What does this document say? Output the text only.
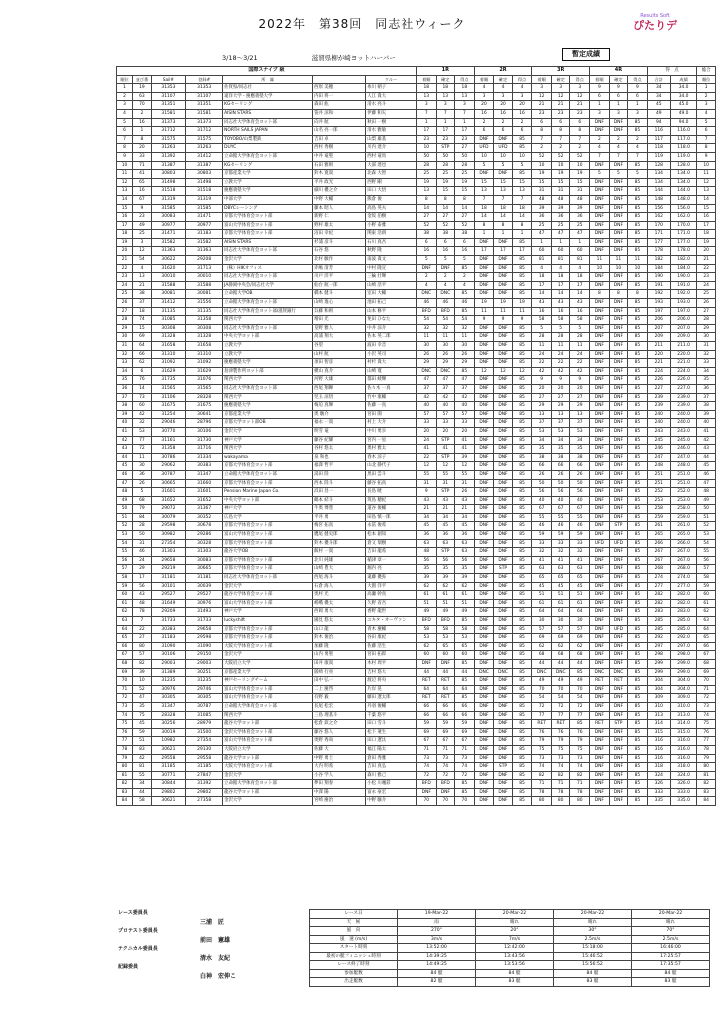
2022年　第38回　同志社ウィーク
Results Soft
ぴたりデ
3/18～3/21	滋賀県柳が崎ヨットハーバー	暫定成績
国際スナイプ 級							1R			2R			3R			4R			得　点		総合
順位	並び番	Sail#	登録#	所　属		クルー	着順	確定	得点	着順	確定	得点	着順	確定	得点	着順	確定	得点	合計	成績	順位
1	19	31353	31353	佐賀県/同志社	西原 美穂	糸川 朝子	18	18	18	4	4	4	3	3	3	9	9	9	34	34.0	1
2	63	31107	31107	遠洋大学・慶應義塾大学	内田 将一	人江 貴大	13	13	13	3	3	3	12	12	12	6	6	6	34	34.0	2
3	70	31351	31351	KGセーリング	森田 紘	清水 亮斗	3	3	3	20	20	20	21	21	21	1	1	1	45	45.0	3
4	2	31581	31581	AISIN STARS	笹井 涼和	伊藤 和矢	7	7	7	16	16	16	23	23	23	3	3	3	49	49.0	4
5	16	31373	31373	同志社大学体育会ヨット部	向井 航	秋田 一樹	1	1	1	2	2	2	6	6	6	DNF	DNF	85	94	94.0	5
6	1	31712	31712	NORTH SAILS JAPAN	山名 亮一郎	清水 雅敏	17	17	17	6	6	6	8	8	8	DNF	DNF	85	116	116.0	6
7	8	31575	31575	TOYOBO/山梨製鉄	吉田 卓	山梨 雄基	23	23	23	DNF	DNF	85	7	7	7	2	2	2	117	117.0	7
8	20	31263	31263	DUYC	西村 秀樹	川内 達介	10	STP	27	UFD	UFD	85	2	2	2	4	4	4	118	118.0	8
9	33	31392	31412	立命館大学体育会ヨット部	中井 竜聖	西村 竜馬	50	50	50	10	10	10	52	52	52	7	7	7	119	119.0	9
10	71	31387	31387	KGセーリング	石田 雅則	大部 達也	28	28	28	5	5	5	10	10	10	DNF	DNF	85	128	128.0	10
11	41	30803	30803	京都産業大学	鈴木 寛貴	北森 大智	25	25	25	DNF	DNF	85	19	19	19	5	5	5	134	134.0	11
12	65	31498	31498	立教大学	平井 政光	西野 剛	19	19	19	15	15	15	15	15	15	DNF	DNF	85	134	134.0	12
13	16	31518	31518	慶應義塾大学	細川 優之介	田口 大悟	13	15	15	13	13	13	31	31	31	DNF	DNF	85	144	144.0	13
14	67	31319	31319	中部大学	中野 大輔	熊倉 俊	8	8	8	7	7	7	48	48	48	DNF	DNF	85	148	148.0	14
15	9	31585	31585	DBYCレーシング	藤本 昭人	高島 英夫	14	14	14	18	18	18	39	39	39	DNF	DNF	85	156	156.0	15
16	23	30083	31471	京都大学体育会ヨット部	新野 仁	金坂 伯樹	27	27	27	14	14	14	36	36	36	DNF	DNF	85	162	162.0	16
17	49	30977	30977	富山大学体育会ヨット部	野村 雄太	小野 泰雅	52	52	52	8	8	8	25	25	25	DNF	DNF	85	170	170.0	17
18	25	31471	31183	京都大学体育会ヨット部	沼田 幸紀	関東 浩朗	38	38	38	1	1	1	47	47	47	DNF	DNF	85	171	171.0	18
19	3	31582	31582	AISIN STARS	杉浦 彦斗	石川 真吾	6	6	6	DNF	DNF	85	1	1	1	DNF	DNF	85	177	177.0	19
20	12	31363	31363	同志社大学体育会ヨット部	石谷 悠	秋野 隆	16	16	16	17	17	17	60	60	60	DNF	DNF	85	178	178.0	20
21	54	30622	29208	金沢大学	北村 駿作	南波 貴文	5	5	5	DNF	DNF	85	81	81	81	11	11	11	182	182.0	21
22	4	31620	31713	（株）HIKオフィス	赤嶋 清芳	中村 隆宣	DNF	DNF	85	DNF	DNF	85	4	4	4	10	10	10	184	184.0	22
23	13	30010	30010	同志社大学体育会ヨット部	川戸 洋平	三輪 壮輝	2	2	2	DNF	DNF	85	18	18	18	DNF	DNF	85	190	190.0	23
24	21	31588	31588	JA静岡中央会/同志社大学	仙台 航一郎	山崎 浩平	4	4	4	DNF	DNF	85	17	17	17	DNF	DNF	85	191	191.0	24
25	38	30081	30081	立命館大学OB	橋本 健斗	室田 大輔	DNC	DNC	85	DNF	DNF	85	14	14	14	8	8	8	192	192.0	25
26	37	31412	31556	立命館大学体育会ヨット部	山崎 逸心	池田 拓己	46	46	46	19	19	19	43	43	43	DNF	DNF	85	193	193.0	26
27	18	31135	31135	同志社大学体育会ヨット部/滋賀銀行	呉藤 和則	山本 修平	BFD	BFD	85	11	11	11	16	16	16	DNF	DNF	85	197	197.0	27
28	74	31085	31358	関西大学	増田 光	免田 ひなた	54	54	54	9	9	9	58	58	58	DNF	DNF	85	206	206.0	28
29	15	30308	30308	同志社大学体育会ヨット部	皇野 雅人	中井 涼介	32	32	32	DNF	DNF	85	5	5	5	DNF	DNF	85	207	207.0	29
30	69	31328	31328	中央大学ヨット部	高浦 翔大	佐本 英二郎	11	11	11	DNF	DNF	85	28	28	28	DNF	DNF	85	209	209.0	30
31	64	31658	31658	立教大学	谷望	波田 幸音	30	30	30	DNF	DNF	85	11	11	11	DNF	DNF	85	211	211.0	31
32	66	31310	31310	立教大学	山村 航	小沢 英司	26	26	26	DNF	DNF	85	24	24	24	DNF	DNF	85	220	220.0	32
33	62	31092	31092	慶應義塾大学	須田 智彦	村杉 貴大	29	29	29	DNF	DNF	85	22	22	22	DNF	DNF	85	221	221.0	33
34	6	31629	31629	島津製作所ヨット部	横山 真介	山崎 寛	DNC	DNC	85	12	12	12	42	42	42	DNF	DNF	85	224	224.0	34
35	76	31735	31076	関西大学	河野 大雄	都田 綾輝	47	47	47	DNF	DNF	85	9	9	9	DNF	DNF	85	226	226.0	35
36	14	31565	31565	同志社大学体育会ヨット部	西尾 翔暉	佐々木 一真	37	37	37	DNF	DNF	85	20	20	20	DNF	DNF	85	227	227.0	36
37	73	31106	28328	関西大学	児玉 涼悟	竹中 康輔	42	42	42	DNF	DNF	85	27	27	27	DNF	DNF	85	239	239.0	37
38	60	31675	31675	慶應義塾大学	梅迫 真輝	佐藤 一真	40	40	40	DNF	DNF	85	29	29	29	DNF	DNF	85	239	239.0	38
39	42	31254	30641	京都産業大学	奥 駿介	宮田 開	57	57	57	DNF	DNF	85	13	13	13	DNF	DNF	85	240	240.0	39
40	32	29046	28796	京都大学ヨット部OB	福永 一貴	村上 大介	33	33	33	DNF	DNF	85	37	37	37	DNF	DNF	85	240	240.0	40
41	53	30770	30106	金沢大学	明雪 竜	中川 勇歩	20	20	20	DNF	DNF	85	53	53	53	DNF	DNF	85	243	243.0	41
42	77	31161	31730	神戸大学	藤谷 紀耀	宮内 一星	24	STP	41	DNF	DNF	85	34	34	34	DNF	DNF	85	245	245.0	42
43	72	31358	31716	関西大学	谷村 悠太	奥村 雅太	41	41	41	DNF	DNF	85	35	35	35	DNF	DNF	85	246	246.0	43
44	11	30786	31334	wakayama	泉 和也	春木 涼子	22	STP	39	DNF	DNF	85	38	38	38	DNF	DNF	85	247	247.0	44
45	30	29062	30383	京都大学体育会ヨット部	福澤 哲平	山北 静代子	12	12	12	DNF	DNF	85	66	66	66	DNF	DNF	85	248	248.0	45
46	36	30787	31347	立命館大学体育会ヨット部	湯田 陸	黒田 雲斗	55	55	55	DNF	DNF	85	26	26	26	DNF	DNF	85	251	251.0	46
47	26	30665	31660	京都大学体育会ヨット部	西本 陸斗	藤谷 拓真	31	31	31	DNF	DNF	85	50	50	50	DNF	DNF	85	251	251.0	47
48	5	31601	31601	Pension Marine Japan Co.	浜田 昌一	長島 暁	9	STP	26	DNF	DNF	85	56	56	56	DNF	DNF	85	252	252.0	48
49	68	31652	31652	中央大学ヨット部	鶴本 結斗	筑島 穂紀	43	43	43	DNF	DNF	85	40	40	40	DNF	DNF	85	253	253.0	49
50	79	29072	31367	神戸大学	牛奥 博豊	道谷 俊輔	21	21	21	DNF	DNF	85	67	67	67	DNF	DNF	85	258	258.0	50
51	84	30079	30352	広島大学	平井 勇	田島 慎一郎	34	34	34	DNF	DNF	85	55	55	55	DNF	DNF	85	259	259.0	51
52	28	29598	30678	京都大学体育会ヨット部	梅宮 拓真	永冨 俊希	45	45	45	DNF	DNF	85	46	46	46	DNF	STP	85	261	261.0	52
53	50	30982	29286	富山大学体育会ヨット部	鷹尾 健史郎	松本 創知	36	36	36	DNF	DNF	85	59	59	59	DNF	DNF	85	265	265.0	53
54	31	27354	30328	京都大学体育会ヨット部	鈴木 優斗郎	倉又 瑞樹	63	63	63	DNF	DNF	85	33	33	33	UFD	UFD	85	266	266.0	54
55	46	31303	31303	龍谷大学OB	飯村 一貴	吉田 龍希	48	STP	63	DNF	DNF	85	32	32	32	DNF	DNF	85	267	267.0	55
56	24	29658	30083	京都大学体育会ヨット部	北川 純雄	稲津 章一	56	56	56	DNF	DNF	85	41	41	41	DNF	DNF	85	267	267.0	56
57	29	29219	30665	京都大学体育会ヨット部	山崎 豊大	堀内 亮	35	35	35	DNF	STP	85	63	63	63	DNF	DNF	85	268	268.0	57
58	17	31181	31181	同志社大学体育会ヨット部	西尾 海斗	遠藤 優弥	39	39	39	DNF	DNF	85	65	65	65	DNF	DNF	85	274	274.0	58
59	56	30101	30039	金沢大学	石倉 海人	大園 洋平	62	62	62	DNF	DNF	85	45	45	45	DNF	DNF	85	277	277.0	59
60	43	29527	29527	龍谷大学体育会ヨット部	奥村 光	高瀬 幹真	61	61	61	DNF	DNF	85	51	51	51	DNF	DNF	85	282	282.0	60
61	48	31649	30976	富山大学体育会ヨット部	嵯峨 優太	久野 省吾	51	51	51	DNF	DNF	85	61	61	61	DNF	DNF	85	282	282.0	61
62	78	29209	31493	神戸大学	西岡 勇大	香野 龍世	49	49	49	DNF	DNF	85	64	64	64	DNF	DNF	85	283	283.0	62
63	7	31733	31733	luckyshift	國見 悠太	ユキタ・オーヴァン	BFD	BFD	85	DNF	DNF	85	30	30	30	DNF	DNF	85	285	285.0	63
64	22	30383	29658	京都大学体育会ヨット部	山口 龍	青木 慶輔	58	58	58	DNF	DNF	85	57	57	57	DNF	UFD	85	285	285.0	64
65	27	31183	29598	京都大学体育会ヨット部	鈴木 俊治	谷田 康紀	53	53	53	DNF	DNF	85	69	69	69	DNF	DNF	85	292	292.0	65
66	80	31090	31090	大阪大学体育会ヨット部	加藤 隆	佐藤 浩生	62	65	65	DNF	DNF	85	62	62	62	DNF	DNF	85	297	297.0	66
67	57	30106	29150	金沢大学	山内 勇聖	宮田 拓郎	60	60	60	DNF	DNF	85	68	68	68	DNF	DNF	85	298	298.0	67
68	82	29003	29003	大阪府立大学	田井 康貴	木村 周平	DNF	DNF	85	DNF	DNF	85	44	44	44	DNF	DNF	85	299	299.0	68
69	39	31389	30251	京都産業大学	阪崎 行亮	吉村 悠大	44	44	44	DNC	DNC	85	DNC	DNC	85	DNC	DNC	85	299	299.0	69
70	10	31235	31235	神戸セーリングチーム	田中 弘一	渡辺 将央	RET	RET	85	DNF	DNF	85	49	49	49	RET	RET	85	304	304.0	70
71	52	30976	29746	富山大学体育会ヨット部	二上 慶啓	片岸 晃	64	64	64	DNF	DNF	85	70	70	70	DNF	DNF	85	304	304.0	71
72	47	30305	30305	富山大学体育会ヨット部	有野 毅	藤田 遼太郎	RET	RET	85	DNF	DNF	85	54	54	54	DNF	DNF	85	309	309.0	72
73	35	31347	30787	立命館大学体育会ヨット部	長尾 松宏	丹羽 俊輔	66	66	66	DNF	DNF	85	72	72	72	DNF	DNF	85	310	310.0	73
74	75	28328	31085	関西大学	三島 理基斗	千葉 悠平	66	66	66	DNF	DNF	85	77	77	77	DNF	DNF	85	313	313.0	74
75	45	30256	28979	龍谷大学ヨット部	松倉 欽之介	田口 雪斗	59	59	59	DNF	DNF	85	RET	RET	85	RET	STP	85	314	314.0	75
76	59	30019	31500	金沢大学体育会ヨット部	藤谷 悠人	松下 蓮生	69	69	69	DNF	DNF	85	76	76	76	DNF	DNF	85	315	315.0	76
77	51	10982	27354	富山大学体育会ヨット部	奥野 秀尚	田口 遼汰	67	67	67	DNF	DNF	85	79	79	79	DNF	DNF	85	316	316.0	77
78	83	30621	29130	大阪府立大学	佐藤 大	福江 陽太	71	71	71	DNF	DNF	85	75	75	75	DNF	DNF	85	316	316.0	78
79	42	29558	29558	龍谷大学ヨット部	中野 勇士	倉田 秀雅	73	73	73	DNF	DNF	85	73	73	73	DNF	DNF	85	316	316.0	79
80	81	31185	31185	大阪大学体育会ヨット部	大内 明希	吉田 真弘	74	74	74	DNF	STP	85	74	74	74	DNF	DNF	85	318	318.0	80
81	55	30771	27847	金沢大学	小谷 学人	森川 雅己	72	72	72	DNF	DNF	85	82	82	82	DNF	DNF	85	324	324.0	81
82	34	30844	31392	立命館大学体育会ヨット部	夢田 翔春	小松 川颯彩	BFD	BFD	85	DNF	DNF	85	71	71	71	DNF	DNF	85	326	326.0	82
83	44	29802	29802	龍谷大学ヨット部	中澤 陽	富永 豪宏	DNF	DNF	85	DNF	DNF	85	78	78	78	DNF	DNF	85	333	333.0	83
84	58	30621	27358	金沢大学	宮崎 慶治	中野 駿介	70	70	70	DNF	DNF	85	80	80	80	DNF	DNF	85	335	335.0	84
レース委員長
三浦　匠
プロテスト委員長
前田　憲雄
テクニカル委員長
清水　友紀
記録委員
白神　宏伸こ
レース日	19-Mar-22	20-Mar-22	20-Mar-22	20-Mar-22
天　候	雨	晴れ	晴れ	晴れ
風　向	270°	20°	30°	70°
風　速 (m/s)	3m/s	7m/s	2.5m/s	2.5m/s
スタート時刻	13:52:00	12:42:00	15:18:00	16:46:00
最初の艇フィニッシュ時刻	14:39:25	13:43:56	15:46:52	17:25:57
レース終了時刻	14:49:25	13:53:56	15:56:52	17:35:57
参加艇数	84 艇	84 艇	84 艇	84 艇
出走艇数	82 艇	83 艇	83 艇	83 艇
